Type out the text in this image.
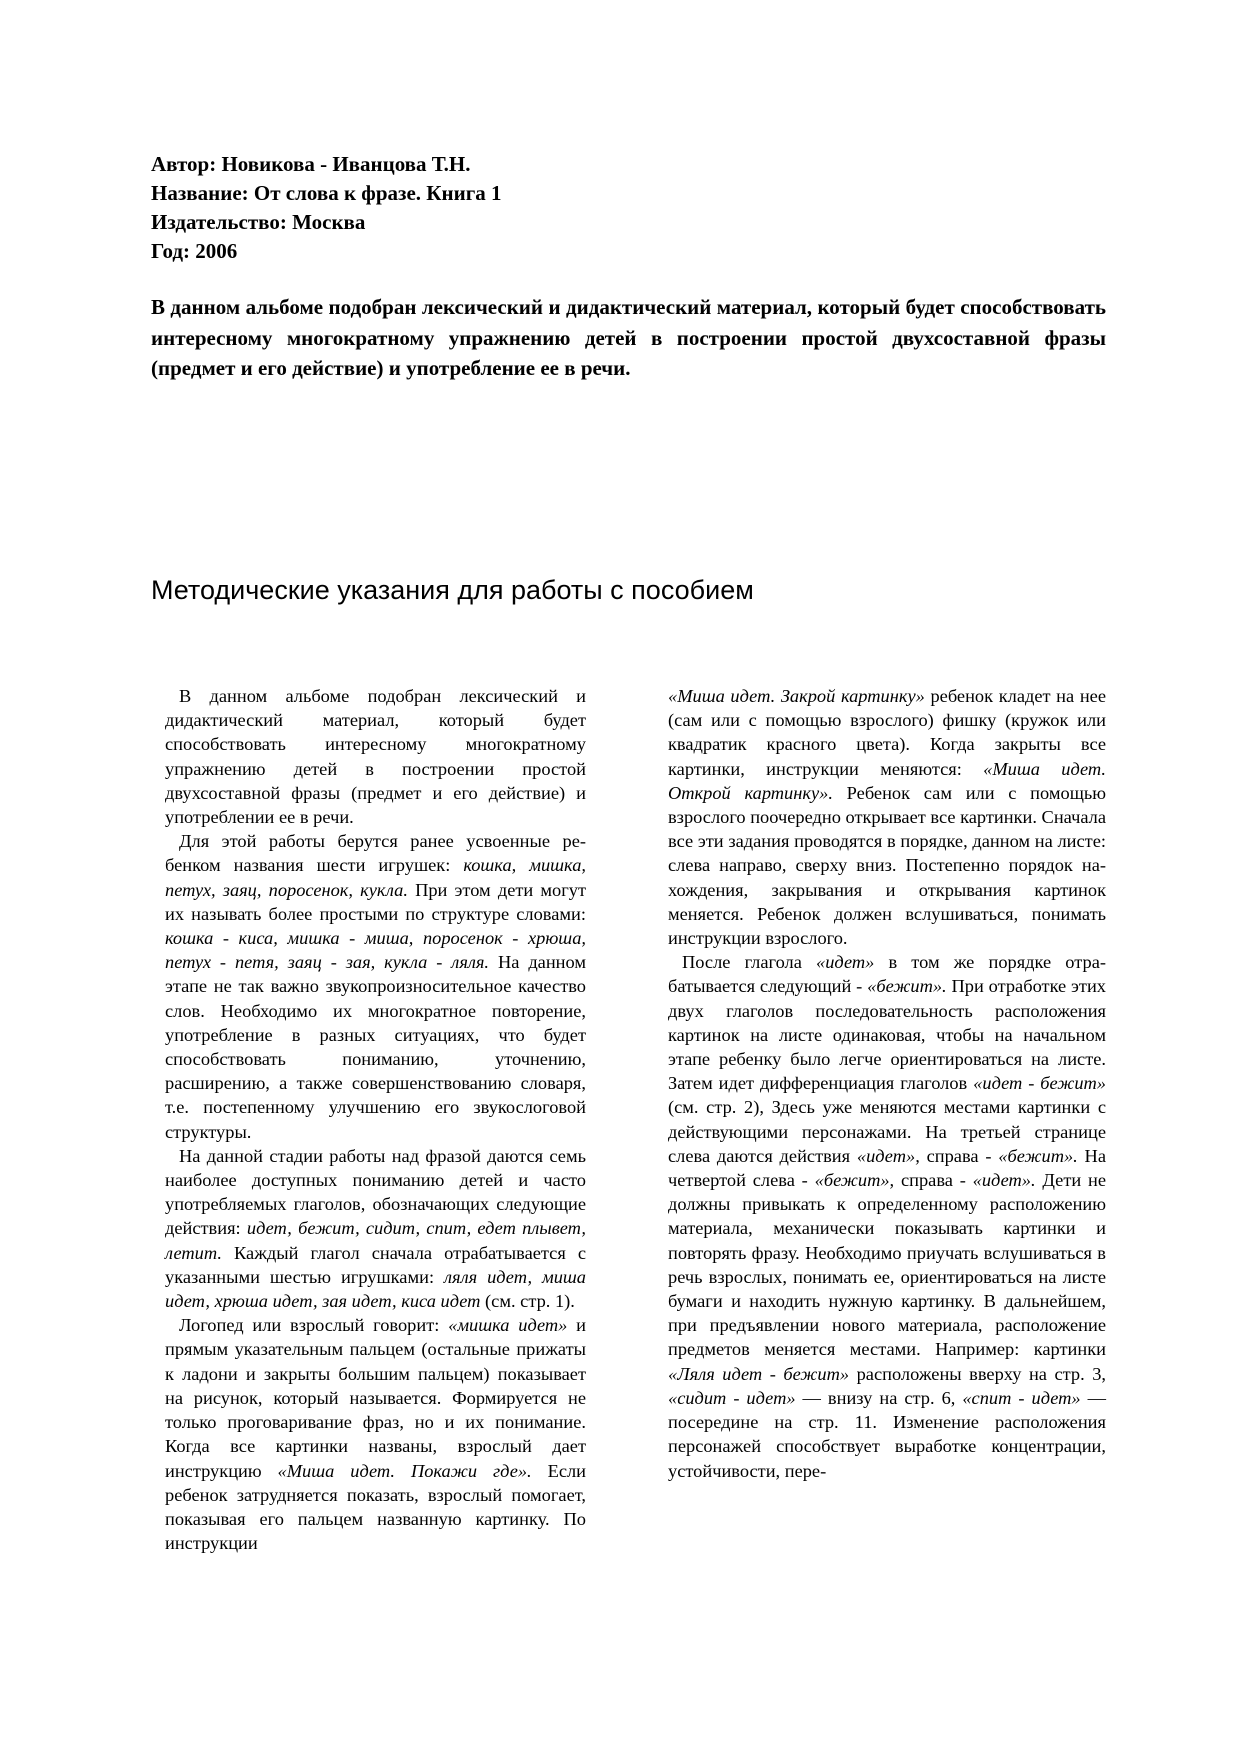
Автор: Новикова - Иванцова Т.Н.
Название: От слова к фразе. Книга 1
Издательство: Москва
Год: 2006
В данном альбоме подобран лексический и дидактический материал, который будет способствовать интересному многократному упражнению детей в построении простой двухсоставной фразы (предмет и его действие) и употребление ее в речи.
Методические указания для работы с пособием

В данном альбоме подобран лексический и дидактический материал, который будет способствовать интересному многократному упражнению детей в построении простой двухсоставной фразы (предмет и его действие) и употреблении ее в речи.

Для этой работы берутся ранее усвоенные ребенком названия шести игрушек: кошка, мишка, петух, заяц, поросенок, кукла. При этом дети могут их называть более простыми по структуре словами: кошка - киса, мишка - миша, поросенок - хрюша, петух - петя, заяц - зая, кукла - ляля. На данном этапе не так важно звукопроизносительное качество слов. Необходимо их многократное повторение, употребление в разных ситуациях, что будет способствовать пониманию, уточнению, расширению, а также совершенствованию словаря, т.е. постепенному улучшению его звукослоговой структуры.

На данной стадии работы над фразой даются семь наиболее доступных пониманию детей и часто употребляемых глаголов, обозначающих следующие действия: идет, бежит, сидит, спит, едет плывет, летит. Каждый глагол сначала отрабатывается с указанными шестью игрушками: ляля идет, миша идет, хрюша идет, зая идет, киса идет (см. стр. 1).

Логопед или взрослый говорит: «мишка идет» и прямым указательным пальцем (остальные прижаты к ладони и закрыты большим пальцем) показывает на рисунок, который называется. Формируется не только проговаривание фраз, но и их понимание. Когда все картинки названы, взрослый дает инструкцию «Миша идет. Покажи где». Если ребенок затрудняется показать, взрослый помогает, показывая его пальцем названную картинку. По инструкции

«Миша идет. Закрой картинку» ребенок кладет на нее (сам или с помощью взрослого) фишку (кружок или квадратик красного цвета). Когда закрыты все картинки, инструкции меняются: «Миша идет. Открой картинку». Ребенок сам или с помощью взрослого поочередно открывает все картинки. Сначала все эти задания проводятся в порядке, данном на листе: слева направо, сверху вниз. Постепенно порядок нахождения, закрывания и открывания картинок меняется. Ребенок должен вслушиваться, понимать инструкции взрослого.

После глагола «идет» в том же порядке отрабатывается следующий - «бежит». При отработке этих двух глаголов последовательность расположения картинок на листе одинаковая, чтобы на начальном этапе ребенку было легче ориентироваться на листе. Затем идет дифференциация глаголов «идет - бежит» (см. стр. 2), Здесь уже меняются местами картинки с действующими персонажами. На третьей странице слева даются действия «идет», справа - «бежит». На четвертой слева - «бежит», справа - «идет». Дети не должны привыкать к определенному расположению материала, механически показывать картинки и повторять фразу. Необходимо приучать вслушиваться в речь взрослых, понимать ее, ориентироваться на листе бумаги и находить нужную картинку. В дальнейшем, при предъявлении нового материала, расположение предметов меняется местами. Например: картинки «Ляля идет - бежит» расположены вверху на стр. 3, «сидит - идет» — внизу на стр. 6, «спит - идет» — посередине на стр. 11. Изменение расположения персонажей способствует выработке концентрации, устойчивости, пере-
